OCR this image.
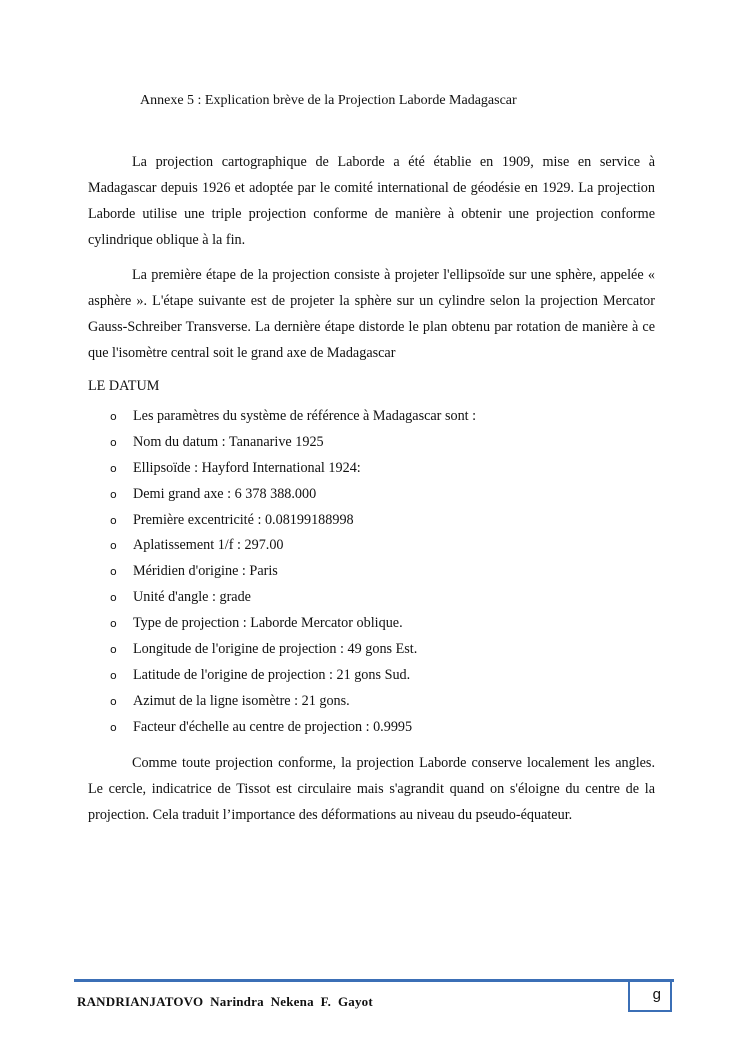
Annexe 5 : Explication brève de la Projection Laborde Madagascar

La projection cartographique de Laborde a été établie en 1909, mise en service à Madagascar depuis 1926 et adoptée par le comité international de géodésie en 1929. La projection Laborde utilise une triple projection conforme de manière à obtenir une projection conforme cylindrique oblique à la fin.

La première étape de la projection consiste à projeter l'ellipsoïde sur une sphère, appelée « asphère ». L'étape suivante est de projeter la sphère sur un cylindre selon la projection Mercator Gauss-Schreiber Transverse. La dernière étape distorde le plan obtenu par rotation de manière à ce que l'isomètre central soit le grand axe de Madagascar

LE DATUM
o Les paramètres du système de référence à Madagascar sont :
o Nom du datum : Tananarive 1925
o Ellipsoïde : Hayford International 1924:
o Demi grand axe : 6 378 388.000
o Première excentricité : 0.08199188998
o Aplatissement 1/f : 297.00
o Méridien d'origine : Paris
o Unité d'angle : grade
o Type de projection : Laborde Mercator oblique.
o Longitude de l'origine de projection : 49 gons Est.
o Latitude de l'origine de projection : 21 gons Sud.
o Azimut de la ligne isomètre : 21 gons.
o Facteur d'échelle au centre de projection : 0.9995

Comme toute projection conforme, la projection Laborde conserve localement les angles. Le cercle, indicatrice de Tissot est circulaire mais s'agrandit quand on s'éloigne du centre de la projection. Cela traduit l’importance des déformations au niveau du pseudo-équateur.

RANDRIANJATOVO  Narindra  Nekena  F.  Gayot	g
